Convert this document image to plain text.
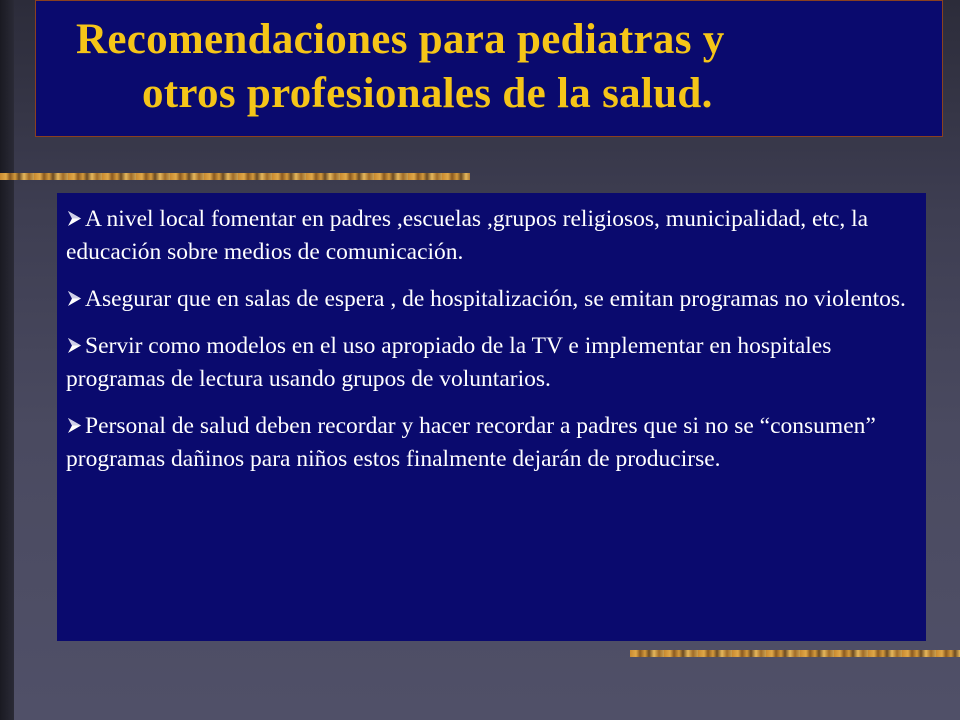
Recomendaciones para pediatras y
otros profesionales de la salud.

A nivel local fomentar en padres ,escuelas ,grupos religiosos, municipalidad, etc, la educación sobre medios de comunicación.

Asegurar que en salas de espera , de hospitalización, se emitan programas no violentos.

Servir como modelos en el uso apropiado de la TV e implementar en hospitales programas de lectura usando grupos de voluntarios.

Personal de salud deben recordar y hacer recordar a padres que si no se “consumen” programas dañinos para niños estos finalmente dejarán de producirse.
